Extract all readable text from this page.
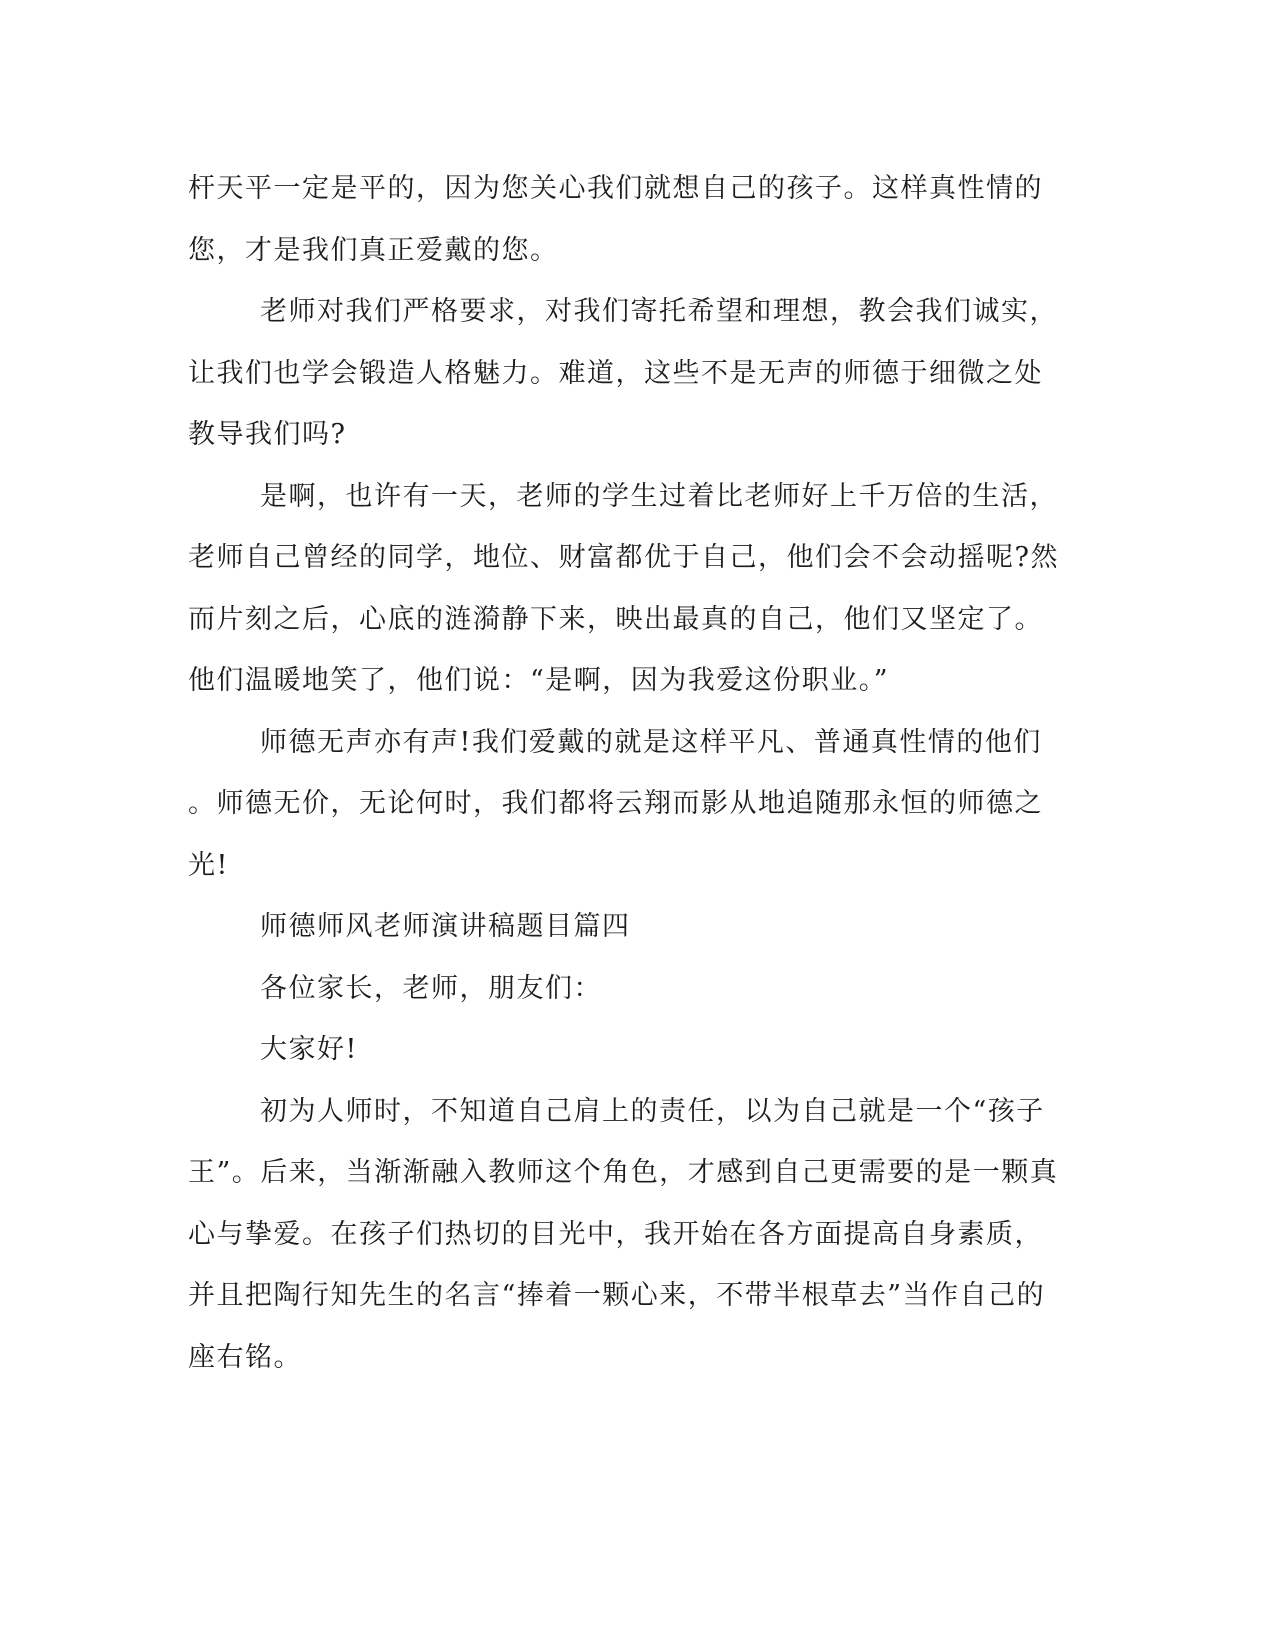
杆天平一定是平的，因为您关心我们就想自己的孩子。这样真性情的
您，才是我们真正爱戴的您。

老师对我们严格要求，对我们寄托希望和理想，教会我们诚实，
让我们也学会锻造人格魅力。难道，这些不是无声的师德于细微之处
教导我们吗?

是啊，也许有一天，老师的学生过着比老师好上千万倍的生活，
老师自己曾经的同学，地位、财富都优于自己，他们会不会动摇呢?然
而片刻之后，心底的涟漪静下来，映出最真的自己，他们又坚定了。
他们温暖地笑了，他们说：“是啊，因为我爱这份职业。”

师德无声亦有声!我们爱戴的就是这样平凡、普通真性情的他们
。师德无价，无论何时，我们都将云翔而影从地追随那永恒的师德之
光!

师德师风老师演讲稿题目篇四

各位家长，老师，朋友们：

大家好!

初为人师时，不知道自己肩上的责任，以为自己就是一个“孩子
王”。后来，当渐渐融入教师这个角色，才感到自己更需要的是一颗真
心与挚爱。在孩子们热切的目光中，我开始在各方面提高自身素质，
并且把陶行知先生的名言“捧着一颗心来，不带半根草去”当作自己的
座右铭。
